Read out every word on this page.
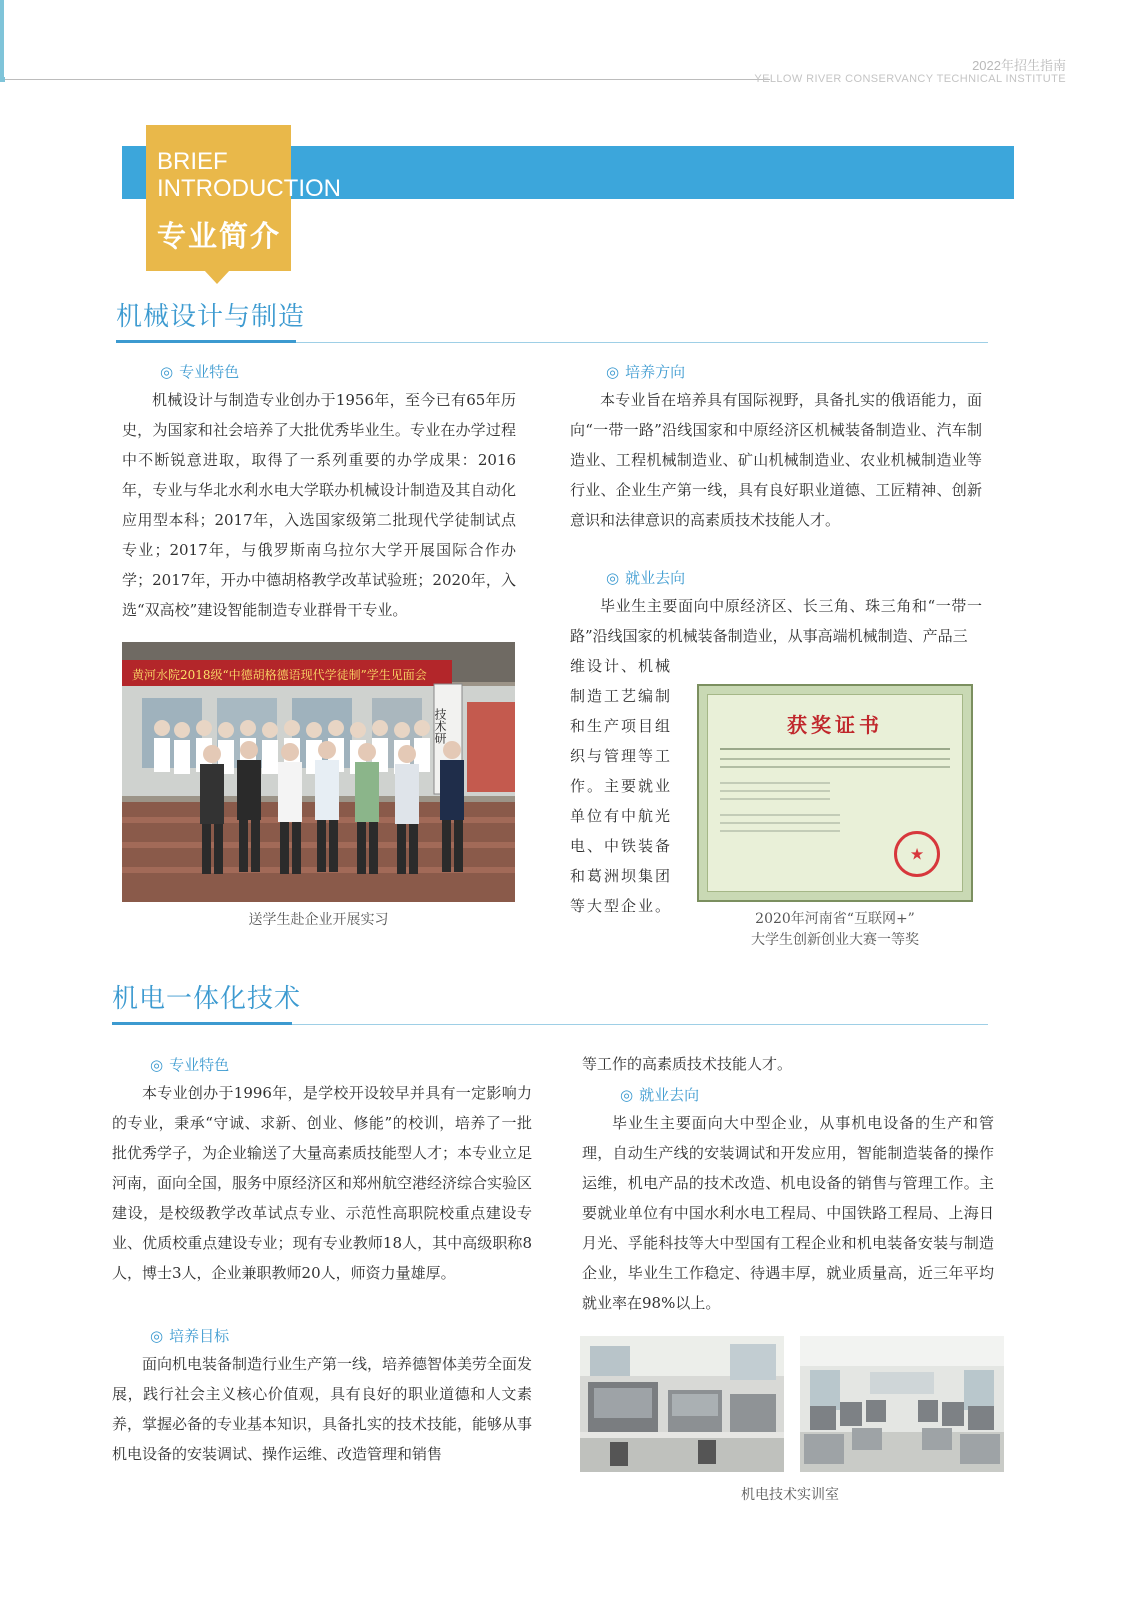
2022年招生指南
YELLOW RIVER CONSERVANCY TECHNICAL INSTITUTE
BRIEF
INTRODUCTION
专业简介
机械设计与制造
◎ 专业特色

机械设计与制造专业创办于1956年，至今已有65年历史，为国家和社会培养了大批优秀毕业生。专业在办学过程中不断锐意进取，取得了一系列重要的办学成果：2016年，专业与华北水利水电大学联办机械设计制造及其自动化应用型本科；2017年，入选国家级第二批现代学徒制试点专业；2017年，与俄罗斯南乌拉尔大学开展国际合作办学；2017年，开办中德胡格教学改革试验班；2020年，入选“双高校”建设智能制造专业群骨干专业。

◎ 培养方向

本专业旨在培养具有国际视野，具备扎实的俄语能力，面向“一带一路”沿线国家和中原经济区机械装备制造业、汽车制造业、工程机械制造业、矿山机械制造业、农业机械制造业等行业、企业生产第一线，具有良好职业道德、工匠精神、创新意识和法律意识的高素质技术技能人才。

◎ 就业去向

毕业生主要面向中原经济区、长三角、珠三角和“一带一路”沿线国家的机械装备制造业，从事高端机械制造、产品三

维设计、机械
制造工艺编制
和生产项目组
织与管理等工
作。主要就业
单位有中航光
电、中铁装备
和葛洲坝集团
等大型企业。
黄河水院2018级“中德胡格德语现代学徒制”学生见面会
技术研
送学生赴企业开展实习
获奖证书
★
2020年河南省“互联网+”
大学生创新创业大赛一等奖
机电一体化技术
◎ 专业特色

本专业创办于1996年，是学校开设较早并具有一定影响力的专业，秉承“守诚、求新、创业、修能”的校训，培养了一批批优秀学子，为企业输送了大量高素质技能型人才；本专业立足河南，面向全国，服务中原经济区和郑州航空港经济综合实验区建设，是校级教学改革试点专业、示范性高职院校重点建设专业、优质校重点建设专业；现有专业教师18人，其中高级职称8人，博士3人，企业兼职教师20人，师资力量雄厚。

◎ 培养目标

面向机电装备制造行业生产第一线，培养德智体美劳全面发展，践行社会主义核心价值观，具有良好的职业道德和人文素养，掌握必备的专业基本知识，具备扎实的技术技能，能够从事机电设备的安装调试、操作运维、改造管理和销售

等工作的高素质技术技能人才。

◎ 就业去向

毕业生主要面向大中型企业，从事机电设备的生产和管理，自动生产线的安装调试和开发应用，智能制造装备的操作运维，机电产品的技术改造、机电设备的销售与管理工作。主要就业单位有中国水利水电工程局、中国铁路工程局、上海日月光、孚能科技等大中型国有工程企业和机电装备安装与制造企业，毕业生工作稳定、待遇丰厚，就业质量高，近三年平均就业率在98%以上。

机电技术实训室
